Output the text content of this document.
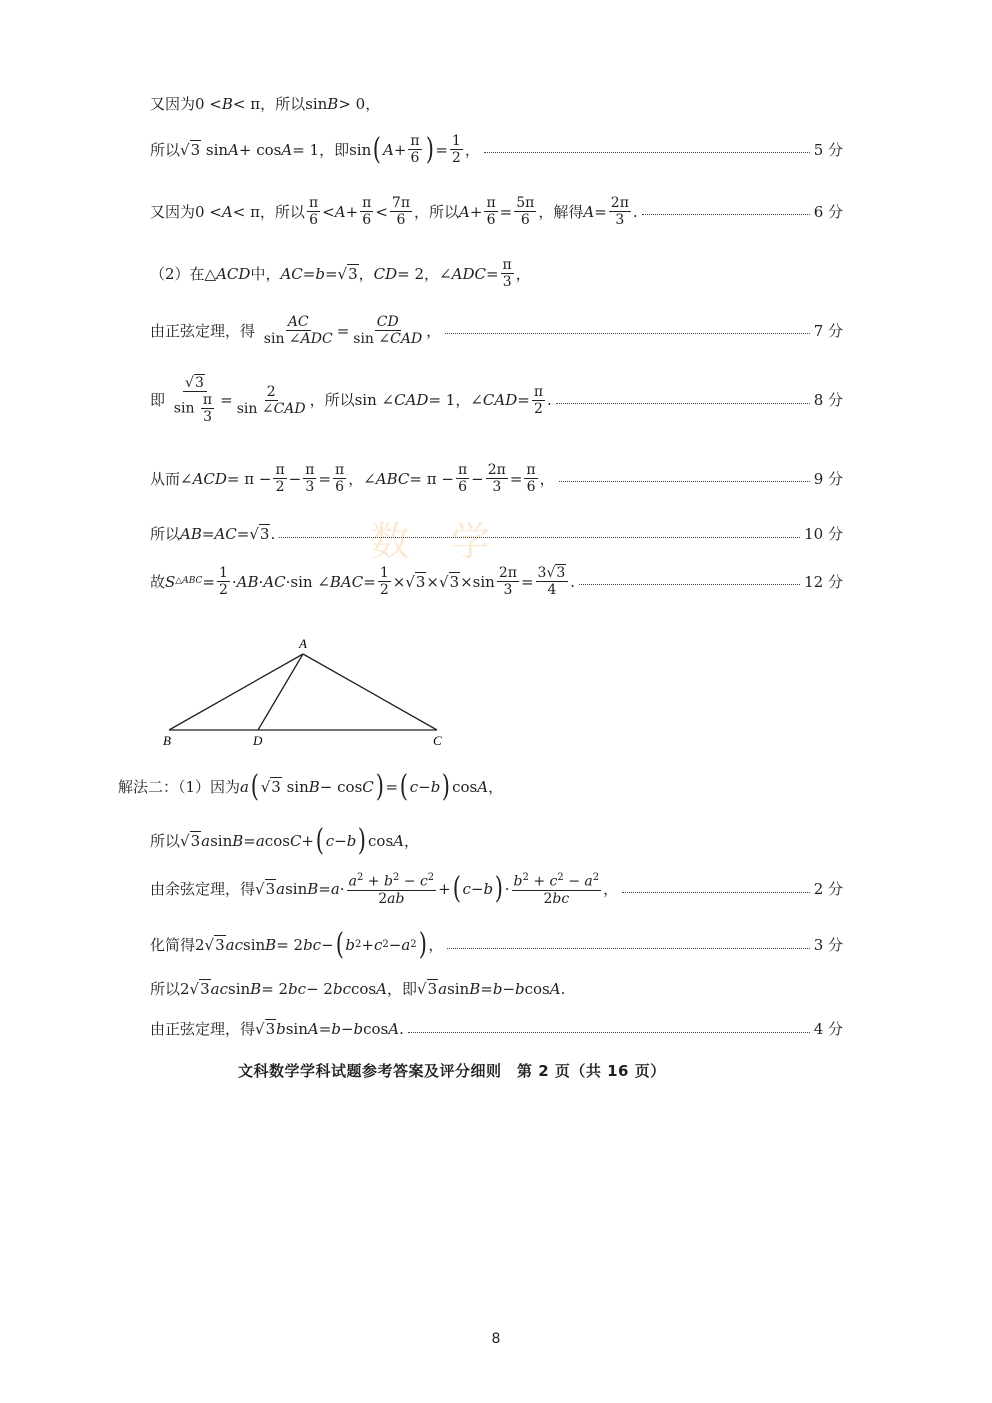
数学
又因为0 < B < π，所以sin B > 0，
所以 √3 sin A + cos A = 1，即sin ( $A + \frac{\pi}{6}$ ) = $\frac{1}{2}$ ，	5 分
又因为0 < A < π，所以 $\frac{\pi}{6} < A + \frac{\pi}{6} < \frac{7\pi}{6}$ ，所以 $A + \frac{\pi}{6} = \frac{5\pi}{6}$ ，解得 $A = \frac{2\pi}{3}$ .	6 分
（2）在△ ACD 中， AC = b = √3 ， CD = 2，∠ ADC = $\frac{\pi}{3}$ ，
由正弦定理，得 $\frac{AC}{\text{sin ∠ADC}} = \frac{CD}{\text{sin ∠CAD}}$ ，	7 分
即 $\frac{√3}{\sin \frac{\pi}{3}} = \frac{2}{\text{sin ∠CAD}}$ ，所以sin ∠ CAD = 1，∠ CAD = $\frac{\pi}{2}$ .	8 分
从而∠ ACD = $\pi - \frac{\pi}{2} - \frac{\pi}{3} = \frac{\pi}{6}$ ，∠ ABC = $\pi - \frac{\pi}{6} - \frac{2\pi}{3} = \frac{\pi}{6}$ ，	9 分
所以 AB = AC = √3 .	10 分
故 S △ABC = $\frac{1}{2}$ · AB · AC ·sin ∠ BAC = $\frac{1}{2} \times √3 \times √3 \times\sin \frac{2\pi}{3} = \frac{3√3}{4}$ .	12 分
A
B	D	C
解法二：（1）因为 a ( √3 sin B − cos C ) = ( c − b ) cos A ，
所以 √3 a sin B = a cos C + ( c − b ) cos A ，
由余弦定理，得 √3 a $\sin B = a \cdot \frac{a^2 + b^2 - c^2}{2ab}$ + ( c − b ) · $\frac{b^2 + c^2 - a^2}{2bc}$ ，	2 分
化简得2 √3 ac sin B = 2 bc − ( b 2 + c 2 − a 2 ) ，	3 分
所以2 √3 ac sin B = 2 bc − 2 bc cos A ，即 √3 a sin B = b − b cos A .
由正弦定理，得 √3 b sin A = b − b cos A .	4 分
文科数学学科试题参考答案及评分细则　第 2 页（共 16 页）
8
